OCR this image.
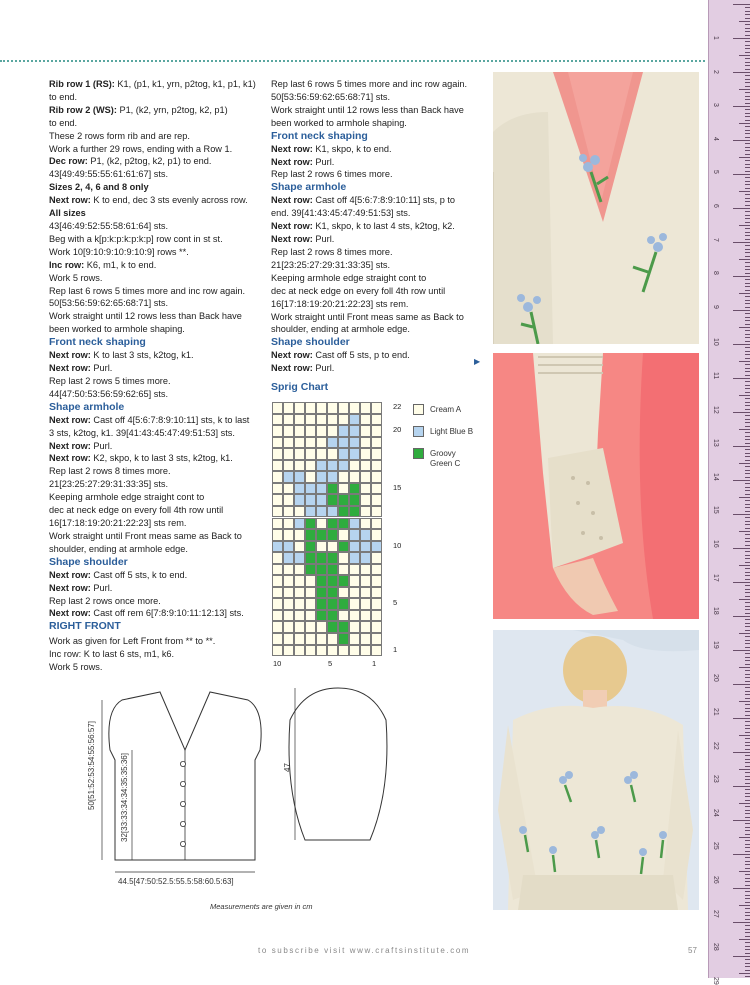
Rib row 1 (RS): K1, (p1, k1, yrn, p2tog, k1, p1, k1)
to end.
Rib row 2 (WS): P1, (k2, yrn, p2tog, k2, p1)
to end.
These 2 rows form rib and are rep.
Work a further 29 rows, ending with a Row 1.
Dec row: P1, (k2, p2tog, k2, p1) to end.
43[49:49:55:55:61:61:67] sts.
Sizes 2, 4, 6 and 8 only
Next row: K to end, dec 3 sts evenly across row.
All sizes
43[46:49:52:55:58:61:64] sts.
Beg with a k[p:k:p:k:p:k:p] row cont in st st.
Work 10[9:10:9:10:9:10:9] rows **.
Inc row: K6, m1, k to end.
Work 5 rows.
Rep last 6 rows 5 times more and inc row again.
50[53:56:59:62:65:68:71] sts.
Work straight until 12 rows less than Back have
been worked to armhole shaping.
Front neck shaping
Next row: K to last 3 sts, k2tog, k1.
Next row: Purl.
Rep last 2 rows 5 times more.
44[47:50:53:56:59:62:65] sts.
Shape armhole
Next row: Cast off 4[5:6:7:8:9:10:11] sts, k to last
3 sts, k2tog, k1. 39[41:43:45:47:49:51:53] sts.
Next row: Purl.
Next row: K2, skpo, k to last 3 sts, k2tog, k1.
Rep last 2 rows 8 times more.
21[23:25:27:29:31:33:35] sts.
Keeping armhole edge straight cont to
dec at neck edge on every foll 4th row until
16[17:18:19:20:21:22:23] sts rem.
Work straight until Front meas same as Back to
shoulder, ending at armhole edge.
Shape shoulder
Next row: Cast off 5 sts, k to end.
Next row: Purl.
Rep last 2 rows once more.
Next row: Cast off rem 6[7:8:9:10:11:12:13] sts.
RIGHT FRONT
Work as given for Left Front from ** to **.
Inc row: K to last 6 sts, m1, k6.
Work 5 rows.
Rep last 6 rows 5 times more and inc row again.
50[53:56:59:62:65:68:71] sts.
Work straight until 12 rows less than Back have
been worked to armhole shaping.
Front neck shaping
Next row: K1, skpo, k to end.
Next row: Purl.
Rep last 2 rows 6 times more.
Shape armhole
Next row: Cast off 4[5:6:7:8:9:10:11] sts, p to
end. 39[41:43:45:47:49:51:53] sts.
Next row: K1, skpo, k to last 4 sts, k2tog, k2.
Next row: Purl.
Rep last 2 rows 8 times more.
21[23:25:27:29:31:33:35] sts.
Keeping armhole edge straight cont to
dec at neck edge on every foll 4th row until
16[17:18:19:20:21:22:23] sts rem.
Work straight until Front meas same as Back to
shoulder, ending at armhole edge.
Shape shoulder
Next row: Cast off 5 sts, p to end.
Next row: Purl.
Sprig Chart
22
20
15
10
5
1
10	5	1
Cream A
Light Blue B
Groovy
Green C
50[51:52:53:54:55:56:57]	32[33:33:34:34:35:35:36]
44.5[47:50:52.5:55.5:58:60.5:63]
47
Measurements are given in cm
▶
1
2
3
4
5
6
7
8
9
10
11
12
13
14
15
16
17
18
19
20
21
22
23
24
25
26
27
28
29
to subscribe visit www.craftsinstitute.com	57
